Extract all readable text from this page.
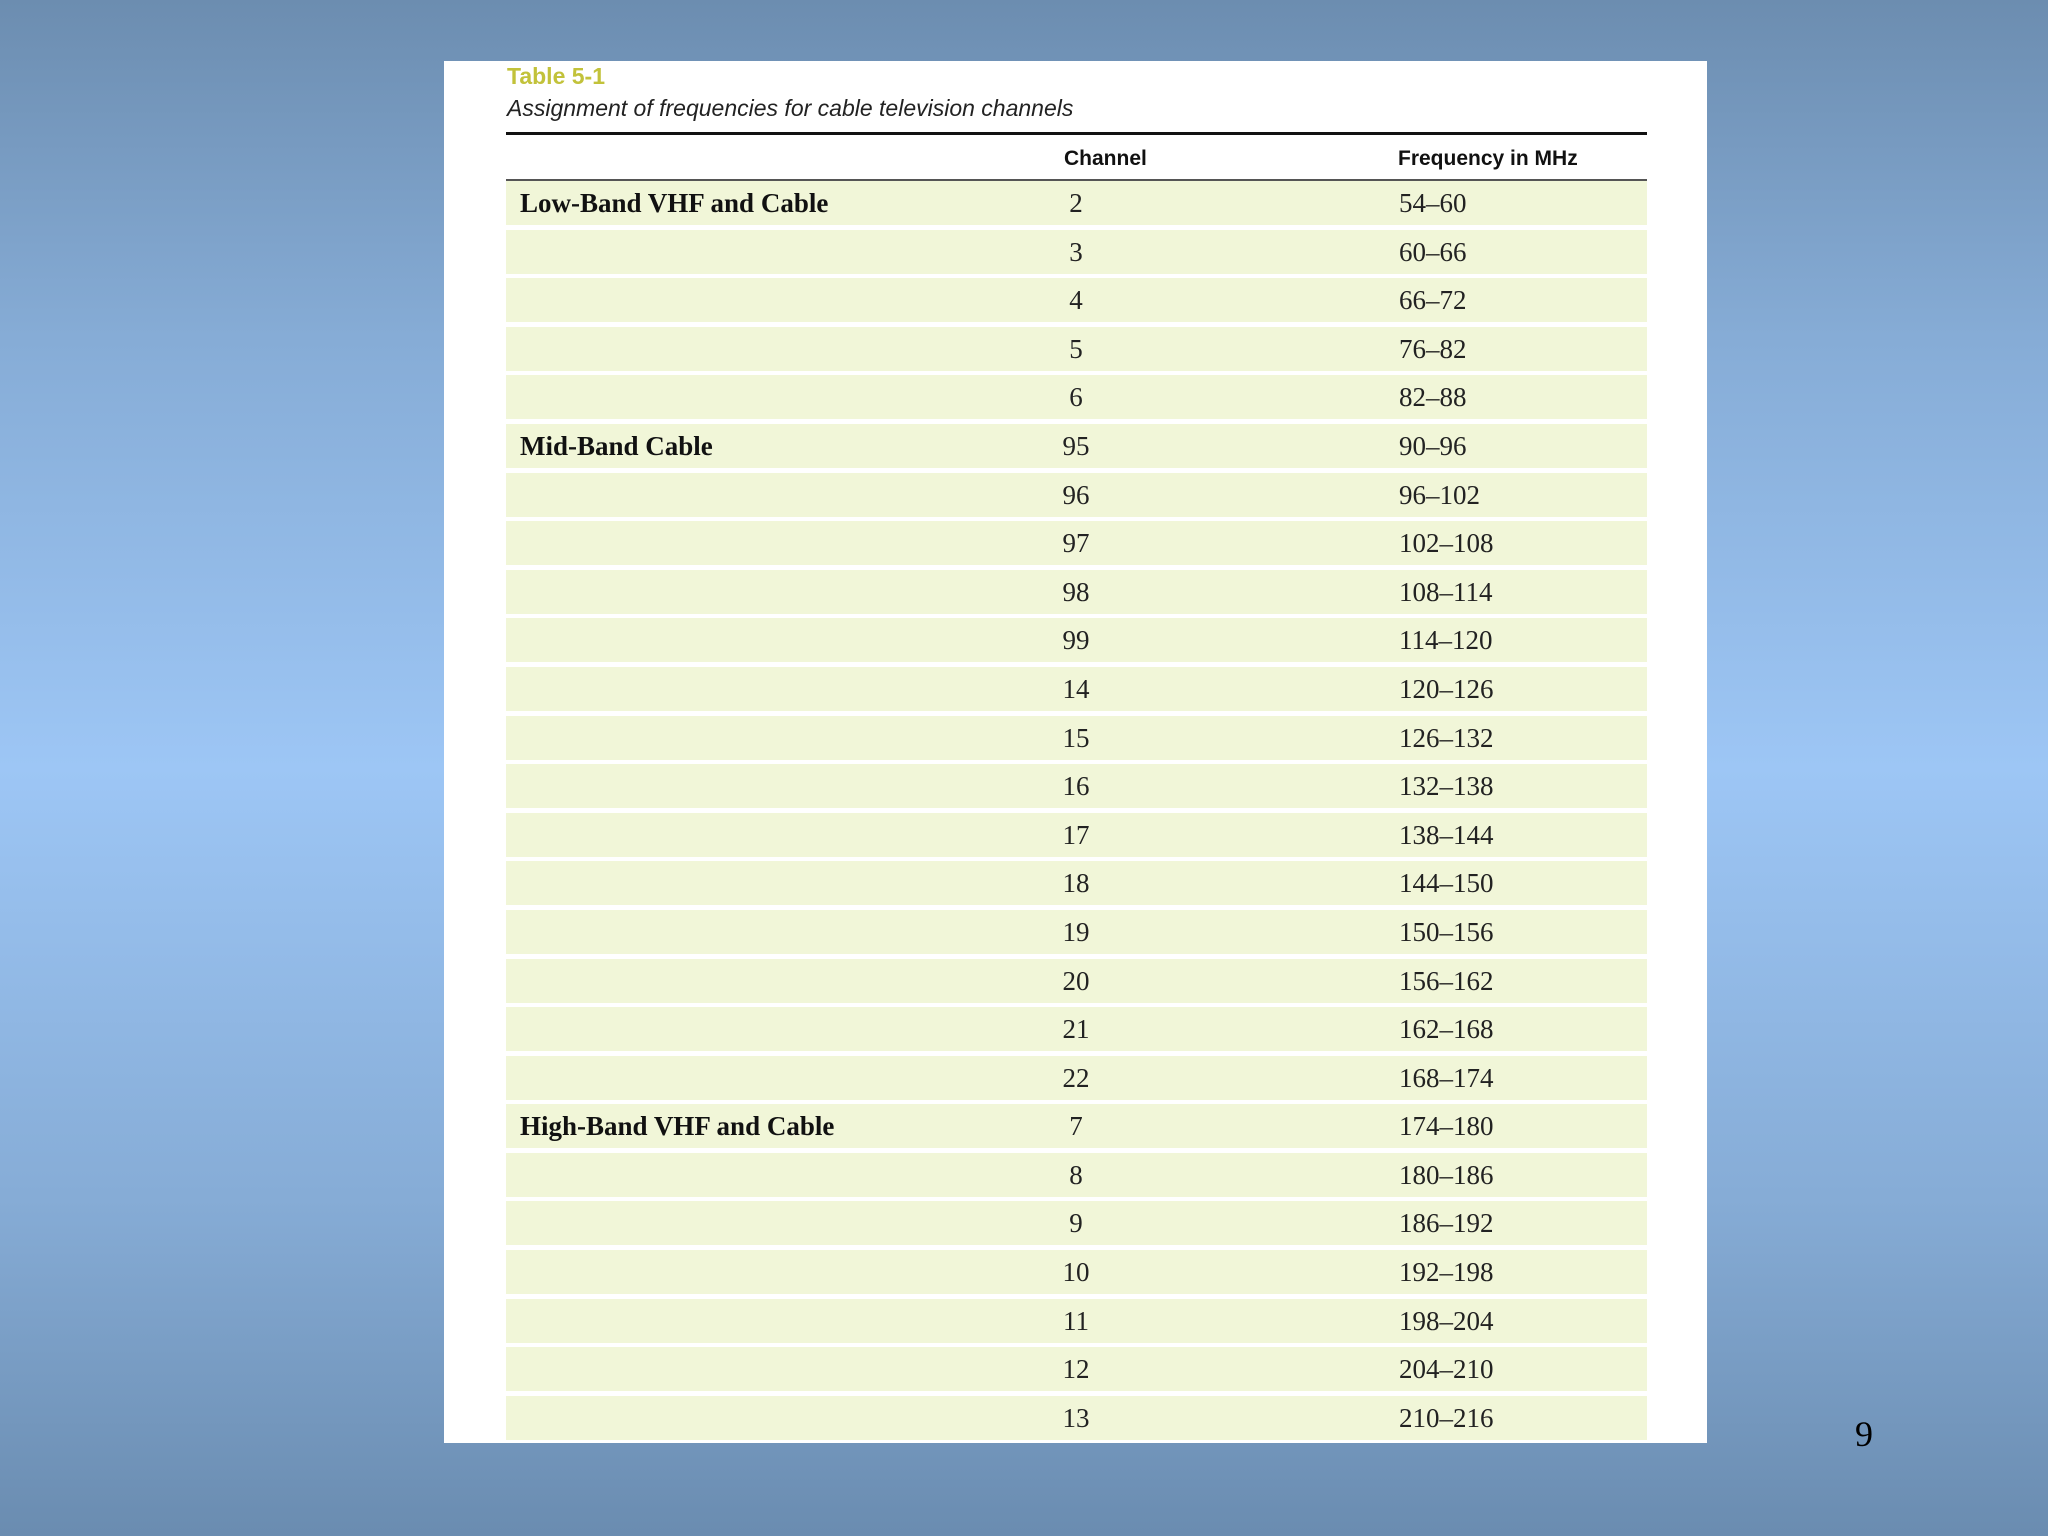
Table 5-1
Assignment of frequencies for cable television channels
Channel	Frequency in MHz
Low-Band VHF and Cable	2	54–60
3	60–66
4	66–72
5	76–82
6	82–88
Mid-Band Cable	95	90–96
96	96–102
97	102–108
98	108–114
99	114–120
14	120–126
15	126–132
16	132–138
17	138–144
18	144–150
19	150–156
20	156–162
21	162–168
22	168–174
High-Band VHF and Cable	7	174–180
8	180–186
9	186–192
10	192–198
11	198–204
12	204–210
13	210–216	9
